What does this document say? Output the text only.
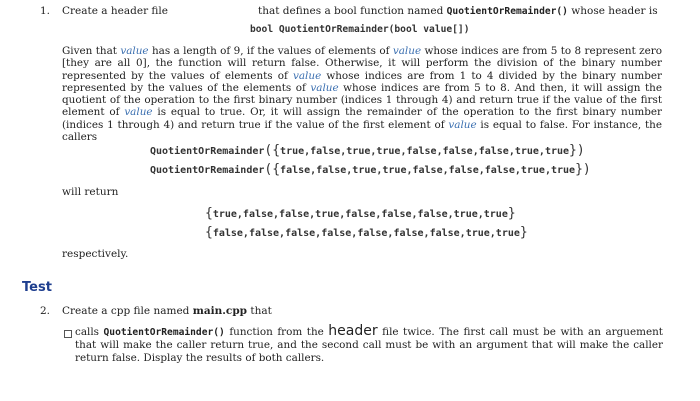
1. Create a header file	that defines a bool function named QuotientOrRemainder() whose header is
bool QuotientOrRemainder(bool value[])
Given that value has a length of 9, if the values of elements of value whose indices are from 5 to 8 represent zero [they are all 0], the function will return false. Otherwise, it will perform the division of the binary number represented by the values of elements of value whose indices are from 1 to 4 divided by the binary number represented by the values of the elements of value whose indices are from 5 to 8. And then, it will assign the quotient of the operation to the first binary number (indices 1 through 4) and return true if the value of the first element of value is equal to true. Or, it will assign the remainder of the operation to the first binary number (indices 1 through 4) and return true if the value of the first element of value is equal to false. For instance, the callers
QuotientOrRemainder({true,false,true,true,false,false,false,true,true})
QuotientOrRemainder({false,false,true,true,false,false,false,true,true})
will return
{true,false,false,true,false,false,false,true,true}
{false,false,false,false,false,false,false,true,true}
respectively.
Test
2. Create a cpp file named main.cpp that
calls QuotientOrRemainder() function from the header file twice. The first call must be with an arguement that will make the caller return true, and the second call must be with an argument that will make the caller return false. Display the results of both callers.
